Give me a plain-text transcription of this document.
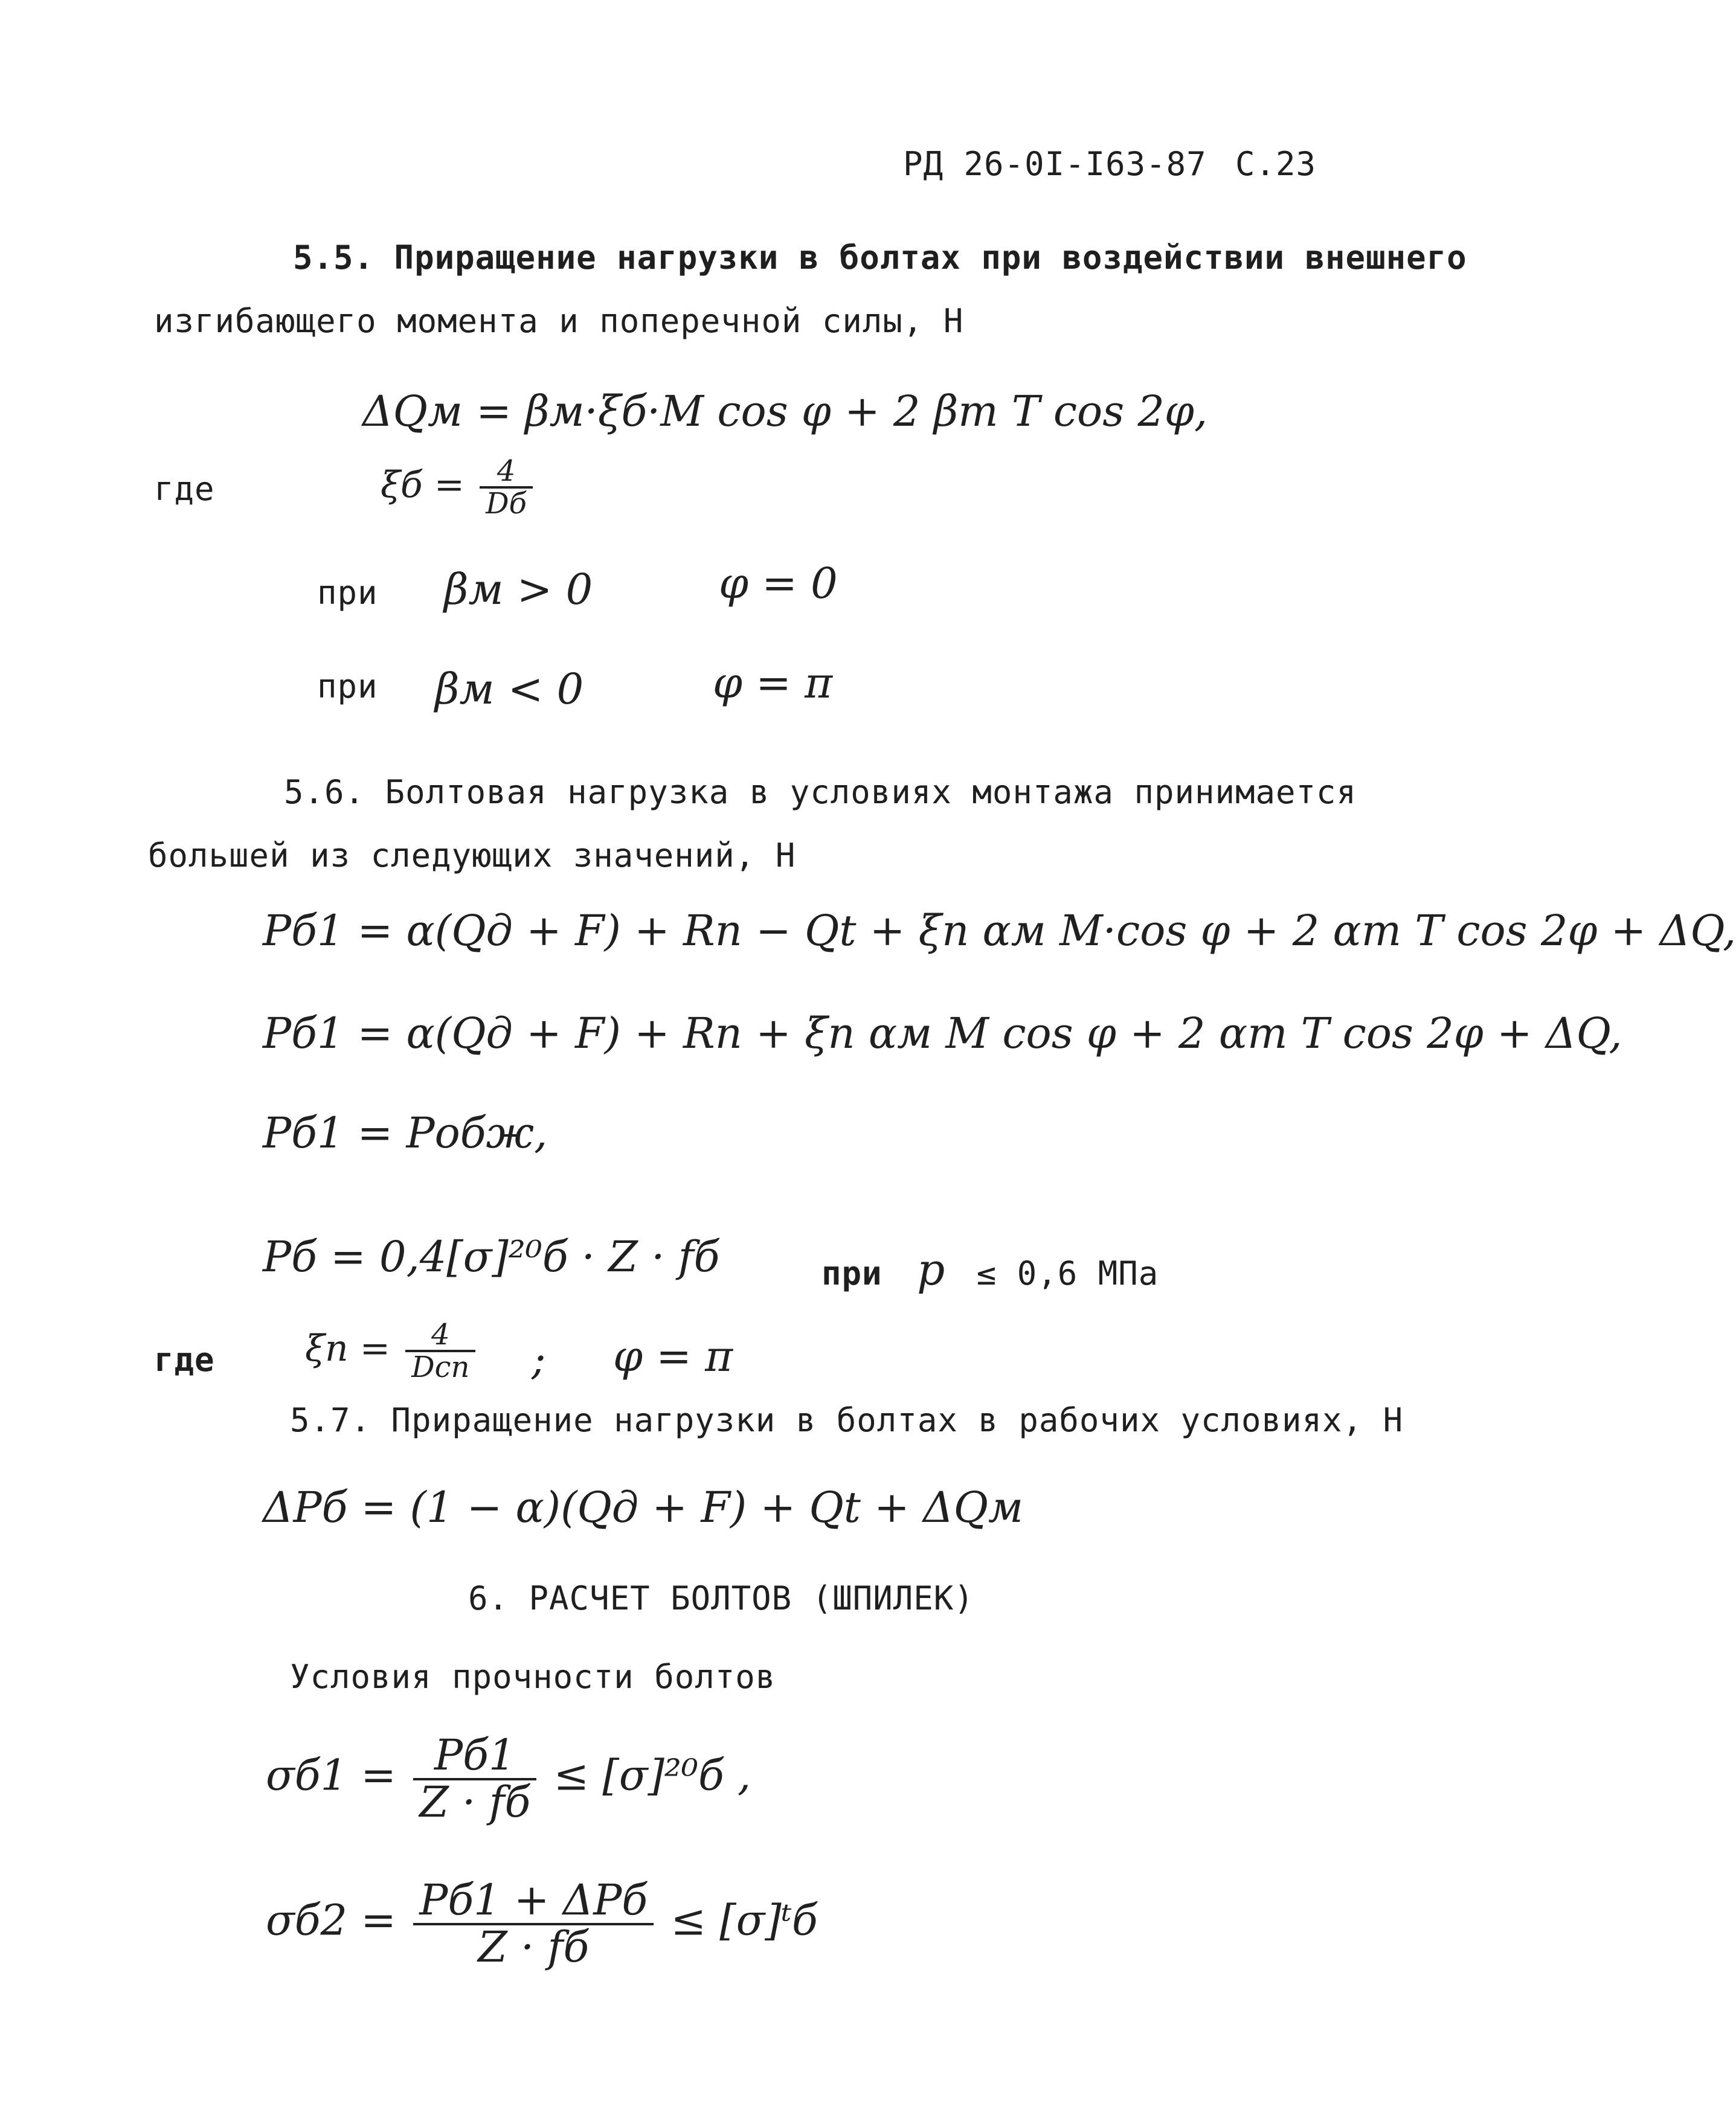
РД 26-0I-I63-87 С.23
5.5. Приращение нагрузки в болтах при воздействии внешнего
изгибающего момента и поперечной силы, Н
ΔQм = βм·ξб·M cos φ + 2 βт T cos 2φ,
где	$\xi б = \frac{4}{Dб}$
при βм > 0	φ = 0
при βм < 0	φ = π
5.6. Болтовая нагрузка в условиях монтажа принимается
большей из следующих значений, Н
Pб1 = α(Qд + F) + Rп − Qt + ξп αм M·cos φ + 2 αт T cos 2φ + ΔQ,
Pб1 = α(Qд + F) + Rп + ξп αм M cos φ + 2 αт T cos 2φ + ΔQ,
Pб1 = Pобж,
Pб = 0,4[σ]²⁰б · Z · fб	при p ≤ 0,6 МПа
где $\xi п = \frac{4}{\text{Dсп}}$ ; φ = π
5.7. Приращение нагрузки в болтах в рабочих условиях, Н
ΔPб = (1 − α)(Qд + F) + Qt + ΔQм
6. РАСЧЕТ БОЛТОВ (ШПИЛЕК)
Условия прочности болтов
$\sigma б1 = \frac{Pб1}{Z \cdot fб} \le [\sigma]^{20}б$ ,
$\sigma б2 = \frac{\text{Pб1 + ΔPб}}{Z \cdot fб}$ ≤ [σ]ᵗб
